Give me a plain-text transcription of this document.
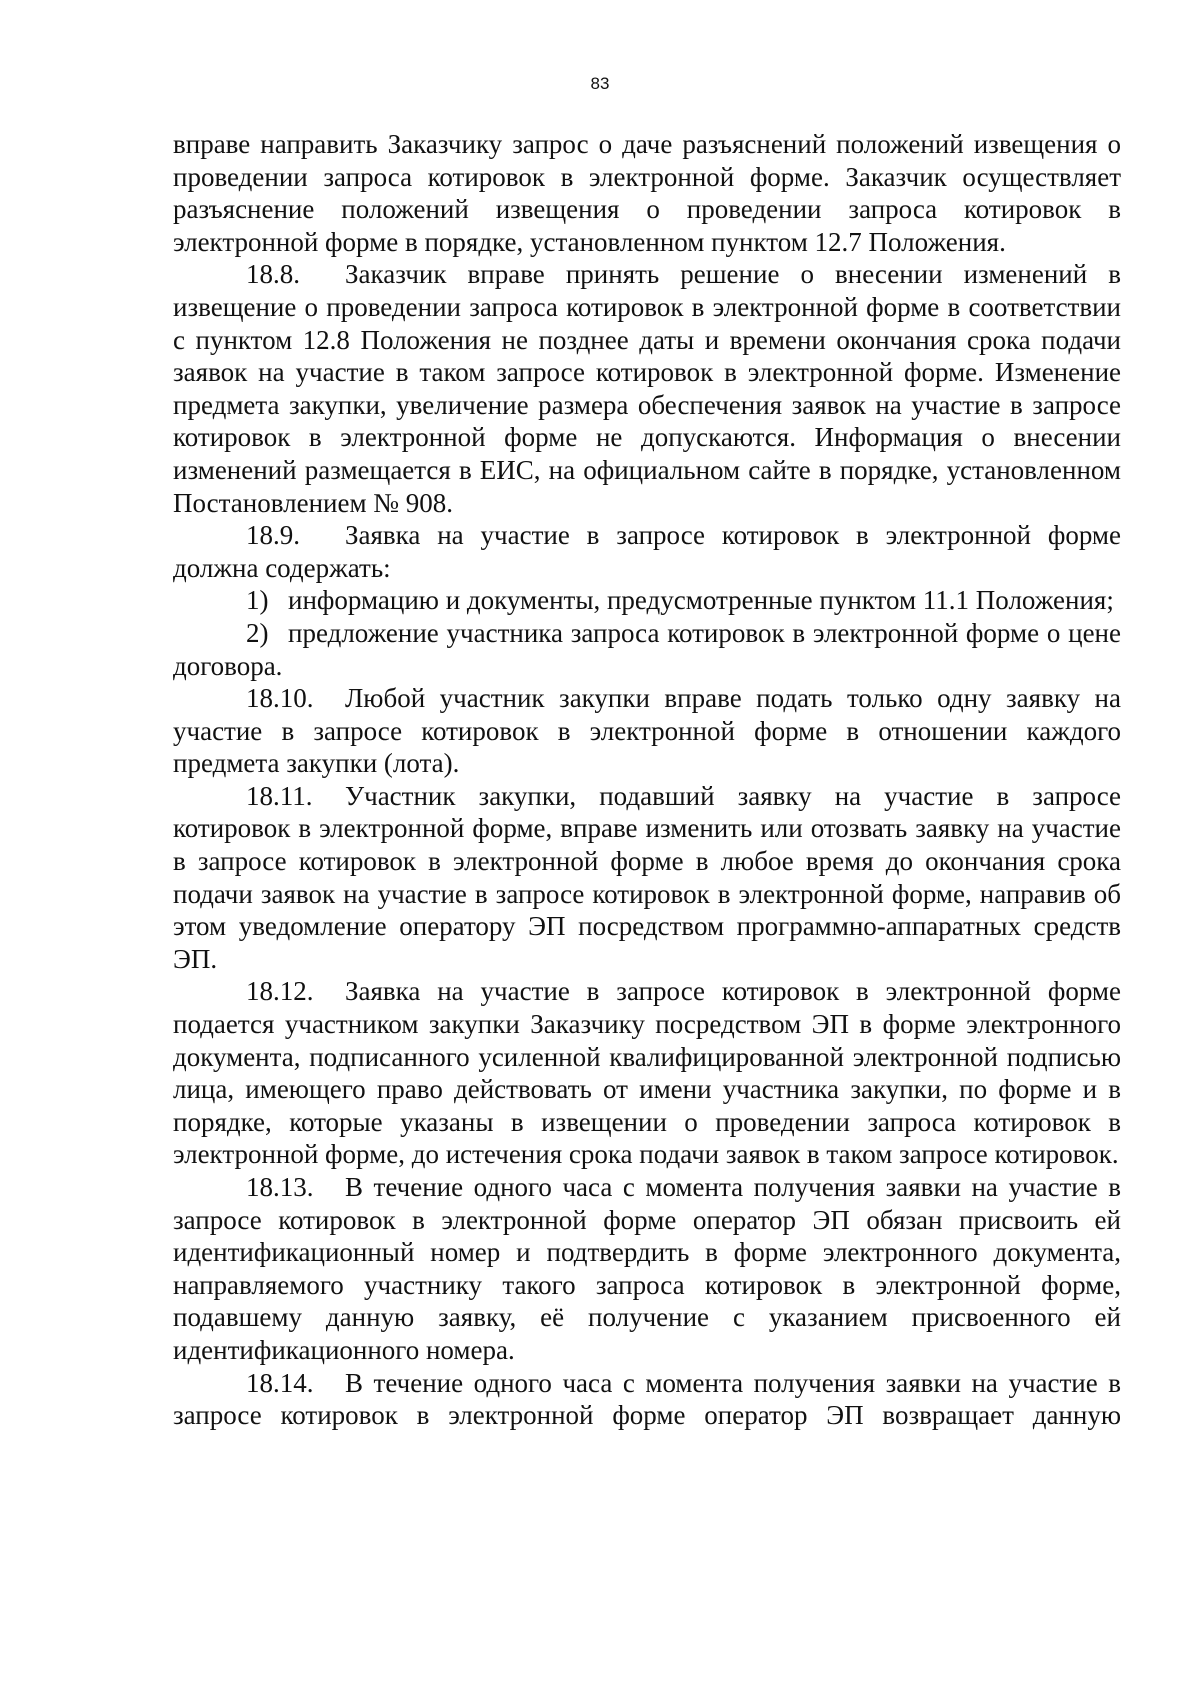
83

вправе направить Заказчику запрос о даче разъяснений положений извещения о проведении запроса котировок в электронной форме. Заказчик осуществляет разъяснение положений извещения о проведении запроса котировок в электронной форме в порядке, установленном пунктом 12.7 Положения.

18.8. Заказчик вправе принять решение о внесении изменений в извещение о проведении запроса котировок в электронной форме в соответствии с пунктом 12.8 Положения не позднее даты и времени окончания срока подачи заявок на участие в таком запросе котировок в электронной форме. Изменение предмета закупки, увеличение размера обеспечения заявок на участие в запросе котировок в электронной форме не допускаются. Информация о внесении изменений размещается в ЕИС, на официальном сайте в порядке, установленном Постановлением № 908.

18.9. Заявка на участие в запросе котировок в электронной форме должна содержать:

1) информацию и документы, предусмотренные пунктом 11.1 Положения;

2) предложение участника запроса котировок в электронной форме о цене договора.

18.10. Любой участник закупки вправе подать только одну заявку на участие в запросе котировок в электронной форме в отношении каждого предмета закупки (лота).

18.11. Участник закупки, подавший заявку на участие в запросе котировок в электронной форме, вправе изменить или отозвать заявку на участие в запросе котировок в электронной форме в любое время до окончания срока подачи заявок на участие в запросе котировок в электронной форме, направив об этом уведомление оператору ЭП посредством программно-аппаратных средств ЭП.

18.12. Заявка на участие в запросе котировок в электронной форме подается участником закупки Заказчику посредством ЭП в форме электронного документа, подписанного усиленной квалифицированной электронной подписью лица, имеющего право действовать от имени участника закупки, по форме и в порядке, которые указаны в извещении о проведении запроса котировок в электронной форме, до истечения срока подачи заявок в таком запросе котировок.

18.13. В течение одного часа с момента получения заявки на участие в запросе котировок в электронной форме оператор ЭП обязан присвоить ей идентификационный номер и подтвердить в форме электронного документа, направляемого участнику такого запроса котировок в электронной форме, подавшему данную заявку, её получение с указанием присвоенного ей идентификационного номера.

18.14. В течение одного часа с момента получения заявки на участие в запросе котировок в электронной форме оператор ЭП возвращает данную
